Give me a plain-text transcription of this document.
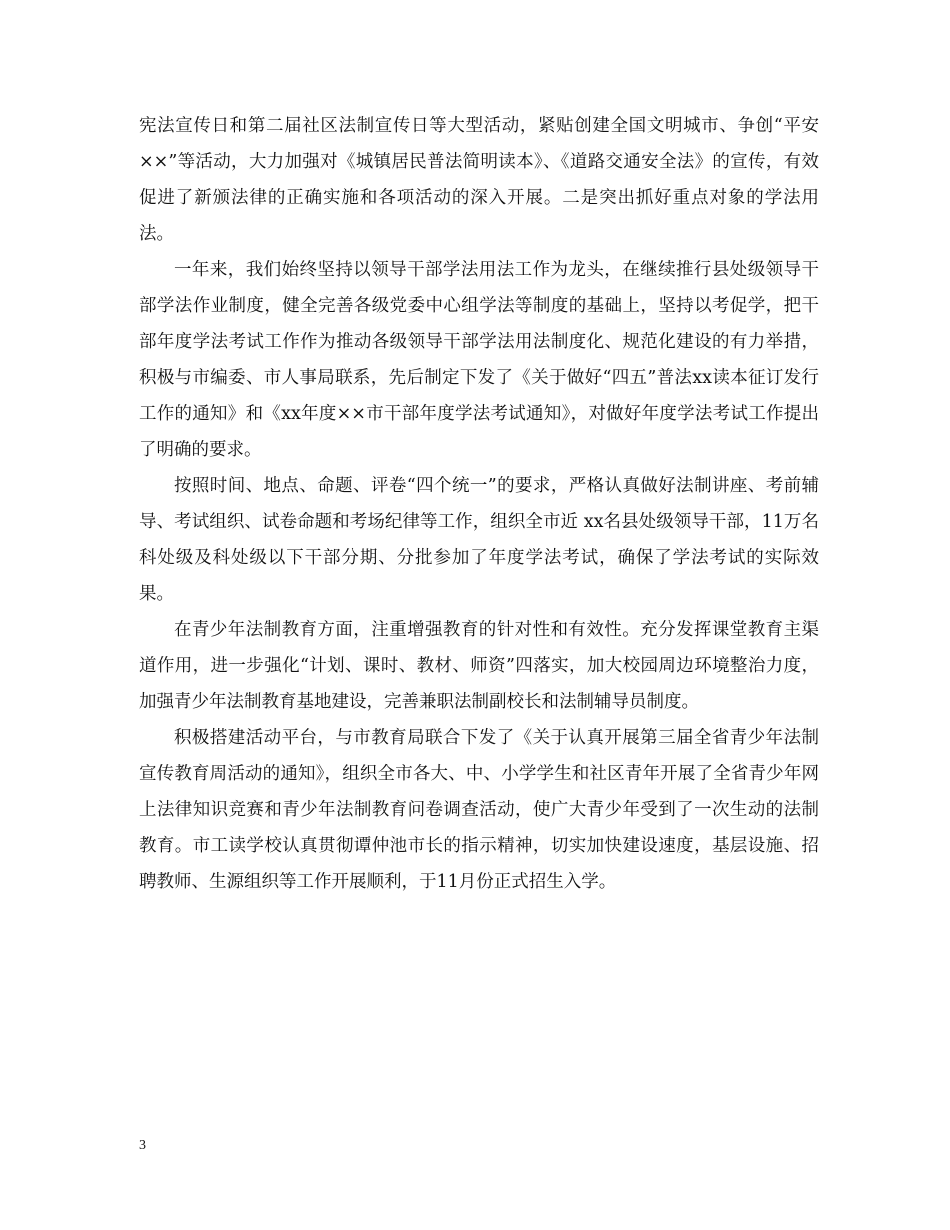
宪法宣传日和第二届社区法制宣传日等大型活动，紧贴创建全国文明城市、争创“平安××”等活动，大力加强对《城镇居民普法简明读本》、《道路交通安全法》的宣传，有效促进了新颁法律的正确实施和各项活动的深入开展。二是突出抓好重点对象的学法用法。

一年来，我们始终坚持以领导干部学法用法工作为龙头，在继续推行县处级领导干部学法作业制度，健全完善各级党委中心组学法等制度的基础上，坚持以考促学，把干部年度学法考试工作作为推动各级领导干部学法用法制度化、规范化建设的有力举措，积极与市编委、市人事局联系，先后制定下发了《关于做好“四五”普法xx读本征订发行工作的通知》和《xx年度××市干部年度学法考试通知》，对做好年度学法考试工作提出了明确的要求。

按照时间、地点、命题、评卷“四个统一”的要求，严格认真做好法制讲座、考前辅导、考试组织、试卷命题和考场纪律等工作，组织全市近 xx名县处级领导干部，11万名科处级及科处级以下干部分期、分批参加了年度学法考试，确保了学法考试的实际效果。

在青少年法制教育方面，注重增强教育的针对性和有效性。充分发挥课堂教育主渠道作用，进一步强化“计划、课时、教材、师资”四落实，加大校园周边环境整治力度，加强青少年法制教育基地建设，完善兼职法制副校长和法制辅导员制度。

积极搭建活动平台，与市教育局联合下发了《关于认真开展第三届全省青少年法制宣传教育周活动的通知》，组织全市各大、中、小学学生和社区青年开展了全省青少年网上法律知识竞赛和青少年法制教育问卷调查活动，使广大青少年受到了一次生动的法制教育。市工读学校认真贯彻谭仲池市长的指示精神，切实加快建设速度，基层设施、招聘教师、生源组织等工作开展顺利，于11月份正式招生入学。

3
